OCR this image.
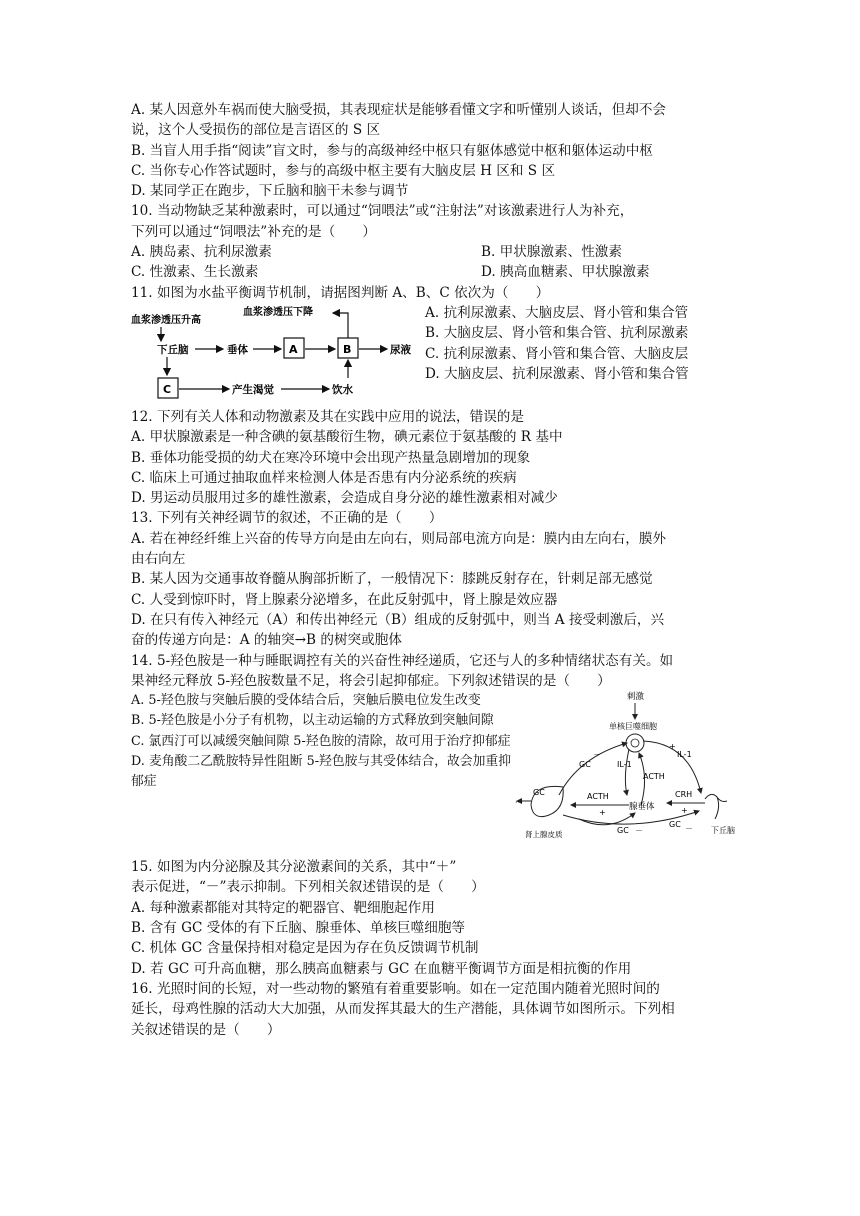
A. 某人因意外车祸而使大脑受损，其表现症状是能够看懂文字和听懂别人谈话，但却不会
说，这个人受损伤的部位是言语区的 S 区
B. 当盲人用手指“阅读”盲文时，参与的高级神经中枢只有躯体感觉中枢和躯体运动中枢
C. 当你专心作答试题时，参与的高级中枢主要有大脑皮层 H 区和 S 区
D. 某同学正在跑步，下丘脑和脑干未参与调节
10. 当动物缺乏某种激素时，可以通过“饲喂法”或“注射法”对该激素进行人为补充，
下列可以通过“饲喂法”补充的是（　　）
A. 胰岛素、抗利尿激素	B. 甲状腺激素、性激素
C. 性激素、生长激素	D. 胰高血糖素、甲状腺激素
11. 如图为水盐平衡调节机制，请据图判断 A、B、C 依次为（　　）
血浆渗透压升高
血浆渗透压下降
下丘脑	垂体	A	B	尿液
C	产生渴觉	饮水
A. 抗利尿激素、大脑皮层、肾小管和集合管
B. 大脑皮层、肾小管和集合管、抗利尿激素
C. 抗利尿激素、肾小管和集合管、大脑皮层
D. 大脑皮层、抗利尿激素、肾小管和集合管
12. 下列有关人体和动物激素及其在实践中应用的说法，错误的是
A. 甲状腺激素是一种含碘的氨基酸衍生物，碘元素位于氨基酸的 R 基中
B. 垂体功能受损的幼犬在寒冷环境中会出现产热量急剧增加的现象
C. 临床上可通过抽取血样来检测人体是否患有内分泌系统的疾病
D. 男运动员服用过多的雄性激素，会造成自身分泌的雄性激素相对减少
13. 下列有关神经调节的叙述，不正确的是（　　）
A. 若在神经纤维上兴奋的传导方向是由左向右，则局部电流方向是：膜内由左向右，膜外
由右向左
B. 某人因为交通事故脊髓从胸部折断了，一般情况下：膝跳反射存在，针刺足部无感觉
C. 人受到惊吓时，肾上腺素分泌增多，在此反射弧中，肾上腺是效应器
D. 在只有传入神经元（A）和传出神经元（B）组成的反射弧中，则当 A 接受刺激后，兴
奋的传递方向是：A 的轴突→B 的树突或胞体
14. 5-羟色胺是一种与睡眠调控有关的兴奋性神经递质，它还与人的多种情绪状态有关。如
果神经元释放 5-羟色胺数量不足，将会引起抑郁症。下列叙述错误的是（　　）
A. 5-羟色胺与突触后膜的受体结合后，突触后膜电位发生改变
B. 5-羟色胺是小分子有机物，以主动运输的方式释放到突触间隙
C. 氯西汀可以减缓突触间隙 5-羟色胺的清除，故可用于治疗抑郁症
D. 麦角酸二乙酰胺特异性阻断 5-羟色胺与其受体结合，故会加重抑郁症
刺激
单核巨噬细胞
IL-1
+
IL-1
ACTH
GC
－
腺垂体
ACTH
+
CRH
+
下丘脑
肾上腺皮质
GC
···
GC －
GC －
15. 如图为内分泌腺及其分泌激素间的关系，其中“＋”
表示促进，“－”表示抑制。下列相关叙述错误的是（　　）
A. 每种激素都能对其特定的靶器官、靶细胞起作用
B. 含有 GC 受体的有下丘脑、腺垂体、单核巨噬细胞等
C. 机体 GC 含量保持相对稳定是因为存在负反馈调节机制
D. 若 GC 可升高血糖，那么胰高血糖素与 GC 在血糖平衡调节方面是相抗衡的作用
16. 光照时间的长短，对一些动物的繁殖有着重要影响。如在一定范围内随着光照时间的
延长，母鸡性腺的活动大大加强，从而发挥其最大的生产潜能，具体调节如图所示。下列相
关叙述错误的是（　　）
